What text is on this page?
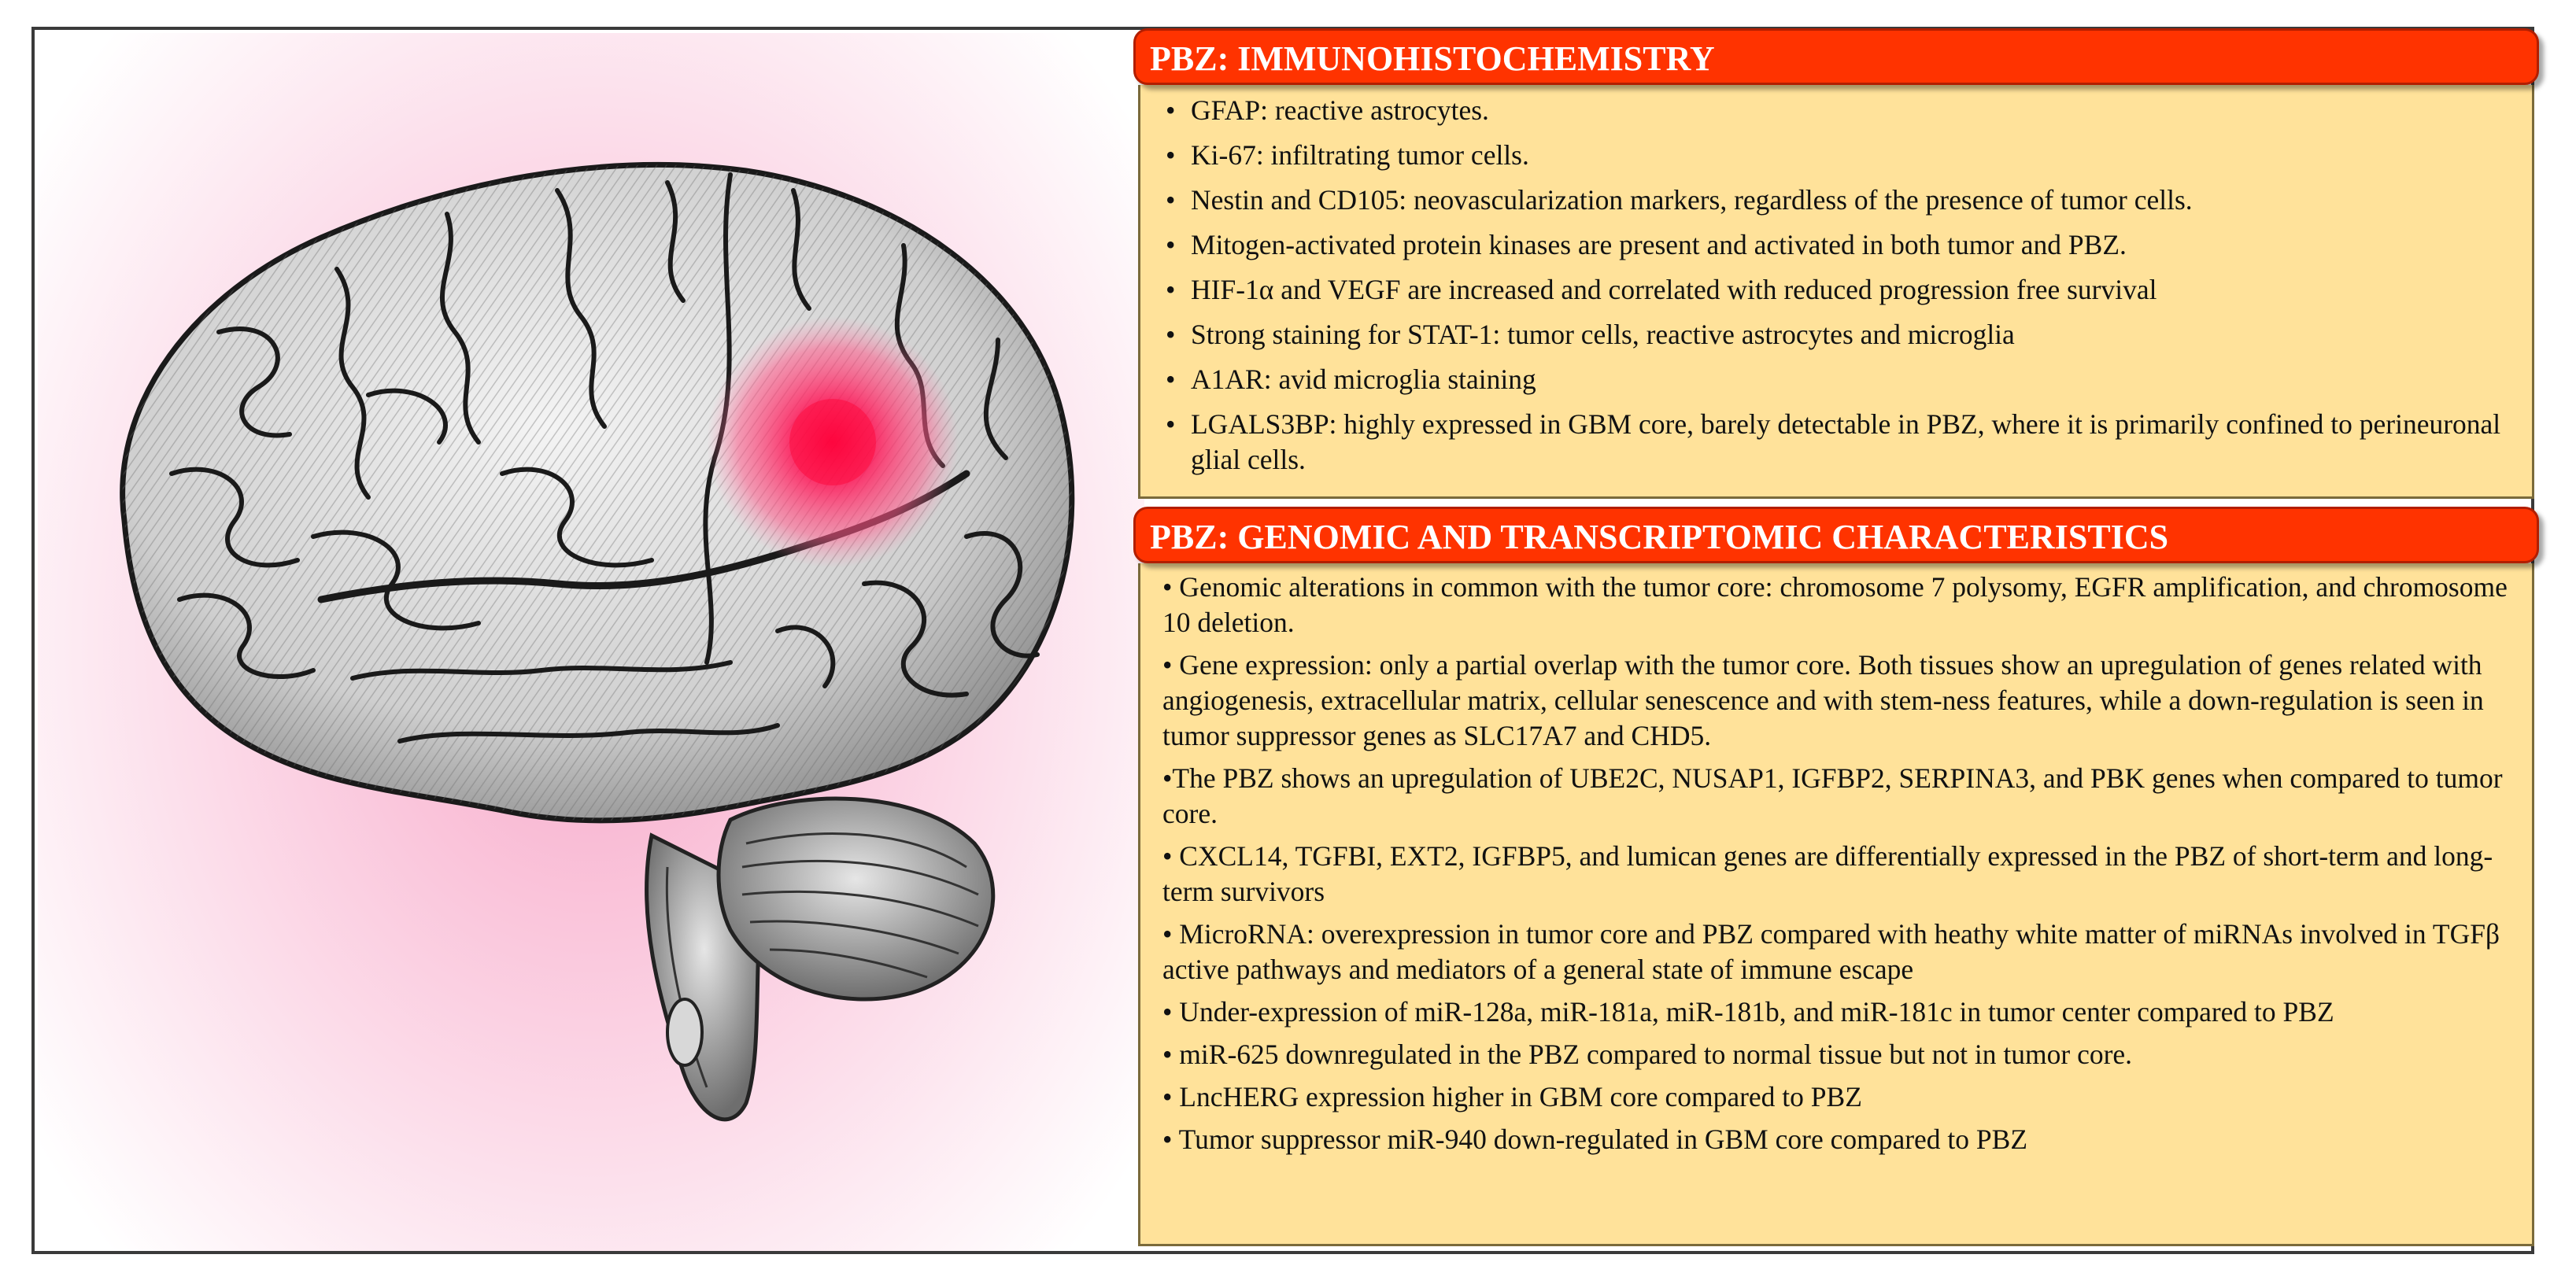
PBZ: IMMUNOHISTOCHEMISTRY
• GFAP: reactive astrocytes.
• Ki-67: infiltrating tumor cells.
• Nestin and CD105: neovascularization markers, regardless of the presence of tumor cells.
• Mitogen-activated protein kinases are present and activated in both tumor and PBZ.
• HIF-1α and VEGF are increased and correlated with reduced progression free survival
• Strong staining for STAT-1: tumor cells, reactive astrocytes and microglia
• A1AR: avid microglia staining
• LGALS3BP: highly expressed in GBM core, barely detectable in PBZ, where it is primarily confined to perineuronal glial cells.
PBZ: GENOMIC AND TRANSCRIPTOMIC CHARACTERISTICS
• Genomic alterations in common with the tumor core: chromosome 7 polysomy, EGFR amplification, and chromosome 10 deletion.
• Gene expression: only a partial overlap with the tumor core. Both tissues show an upregulation of genes related with angiogenesis, extracellular matrix, cellular senescence and with stem-ness features, while a down-regulation is seen in tumor suppressor genes as SLC17A7 and CHD5.
•The PBZ shows an upregulation of UBE2C, NUSAP1, IGFBP2, SERPINA3, and PBK genes when compared to tumor core.
• CXCL14, TGFBI, EXT2, IGFBP5, and lumican genes are differentially expressed in the PBZ of short-term and long-term survivors
• MicroRNA: overexpression in tumor core and PBZ compared with heathy white matter of miRNAs involved in TGFβ active pathways and mediators of a general state of immune escape
• Under-expression of miR-128a, miR-181a, miR-181b, and miR-181c in tumor center compared to PBZ
• miR-625 downregulated in the PBZ compared to normal tissue but not in tumor core.
• LncHERG expression higher in GBM core compared to PBZ
• Tumor suppressor miR-940 down-regulated in GBM core compared to PBZ
